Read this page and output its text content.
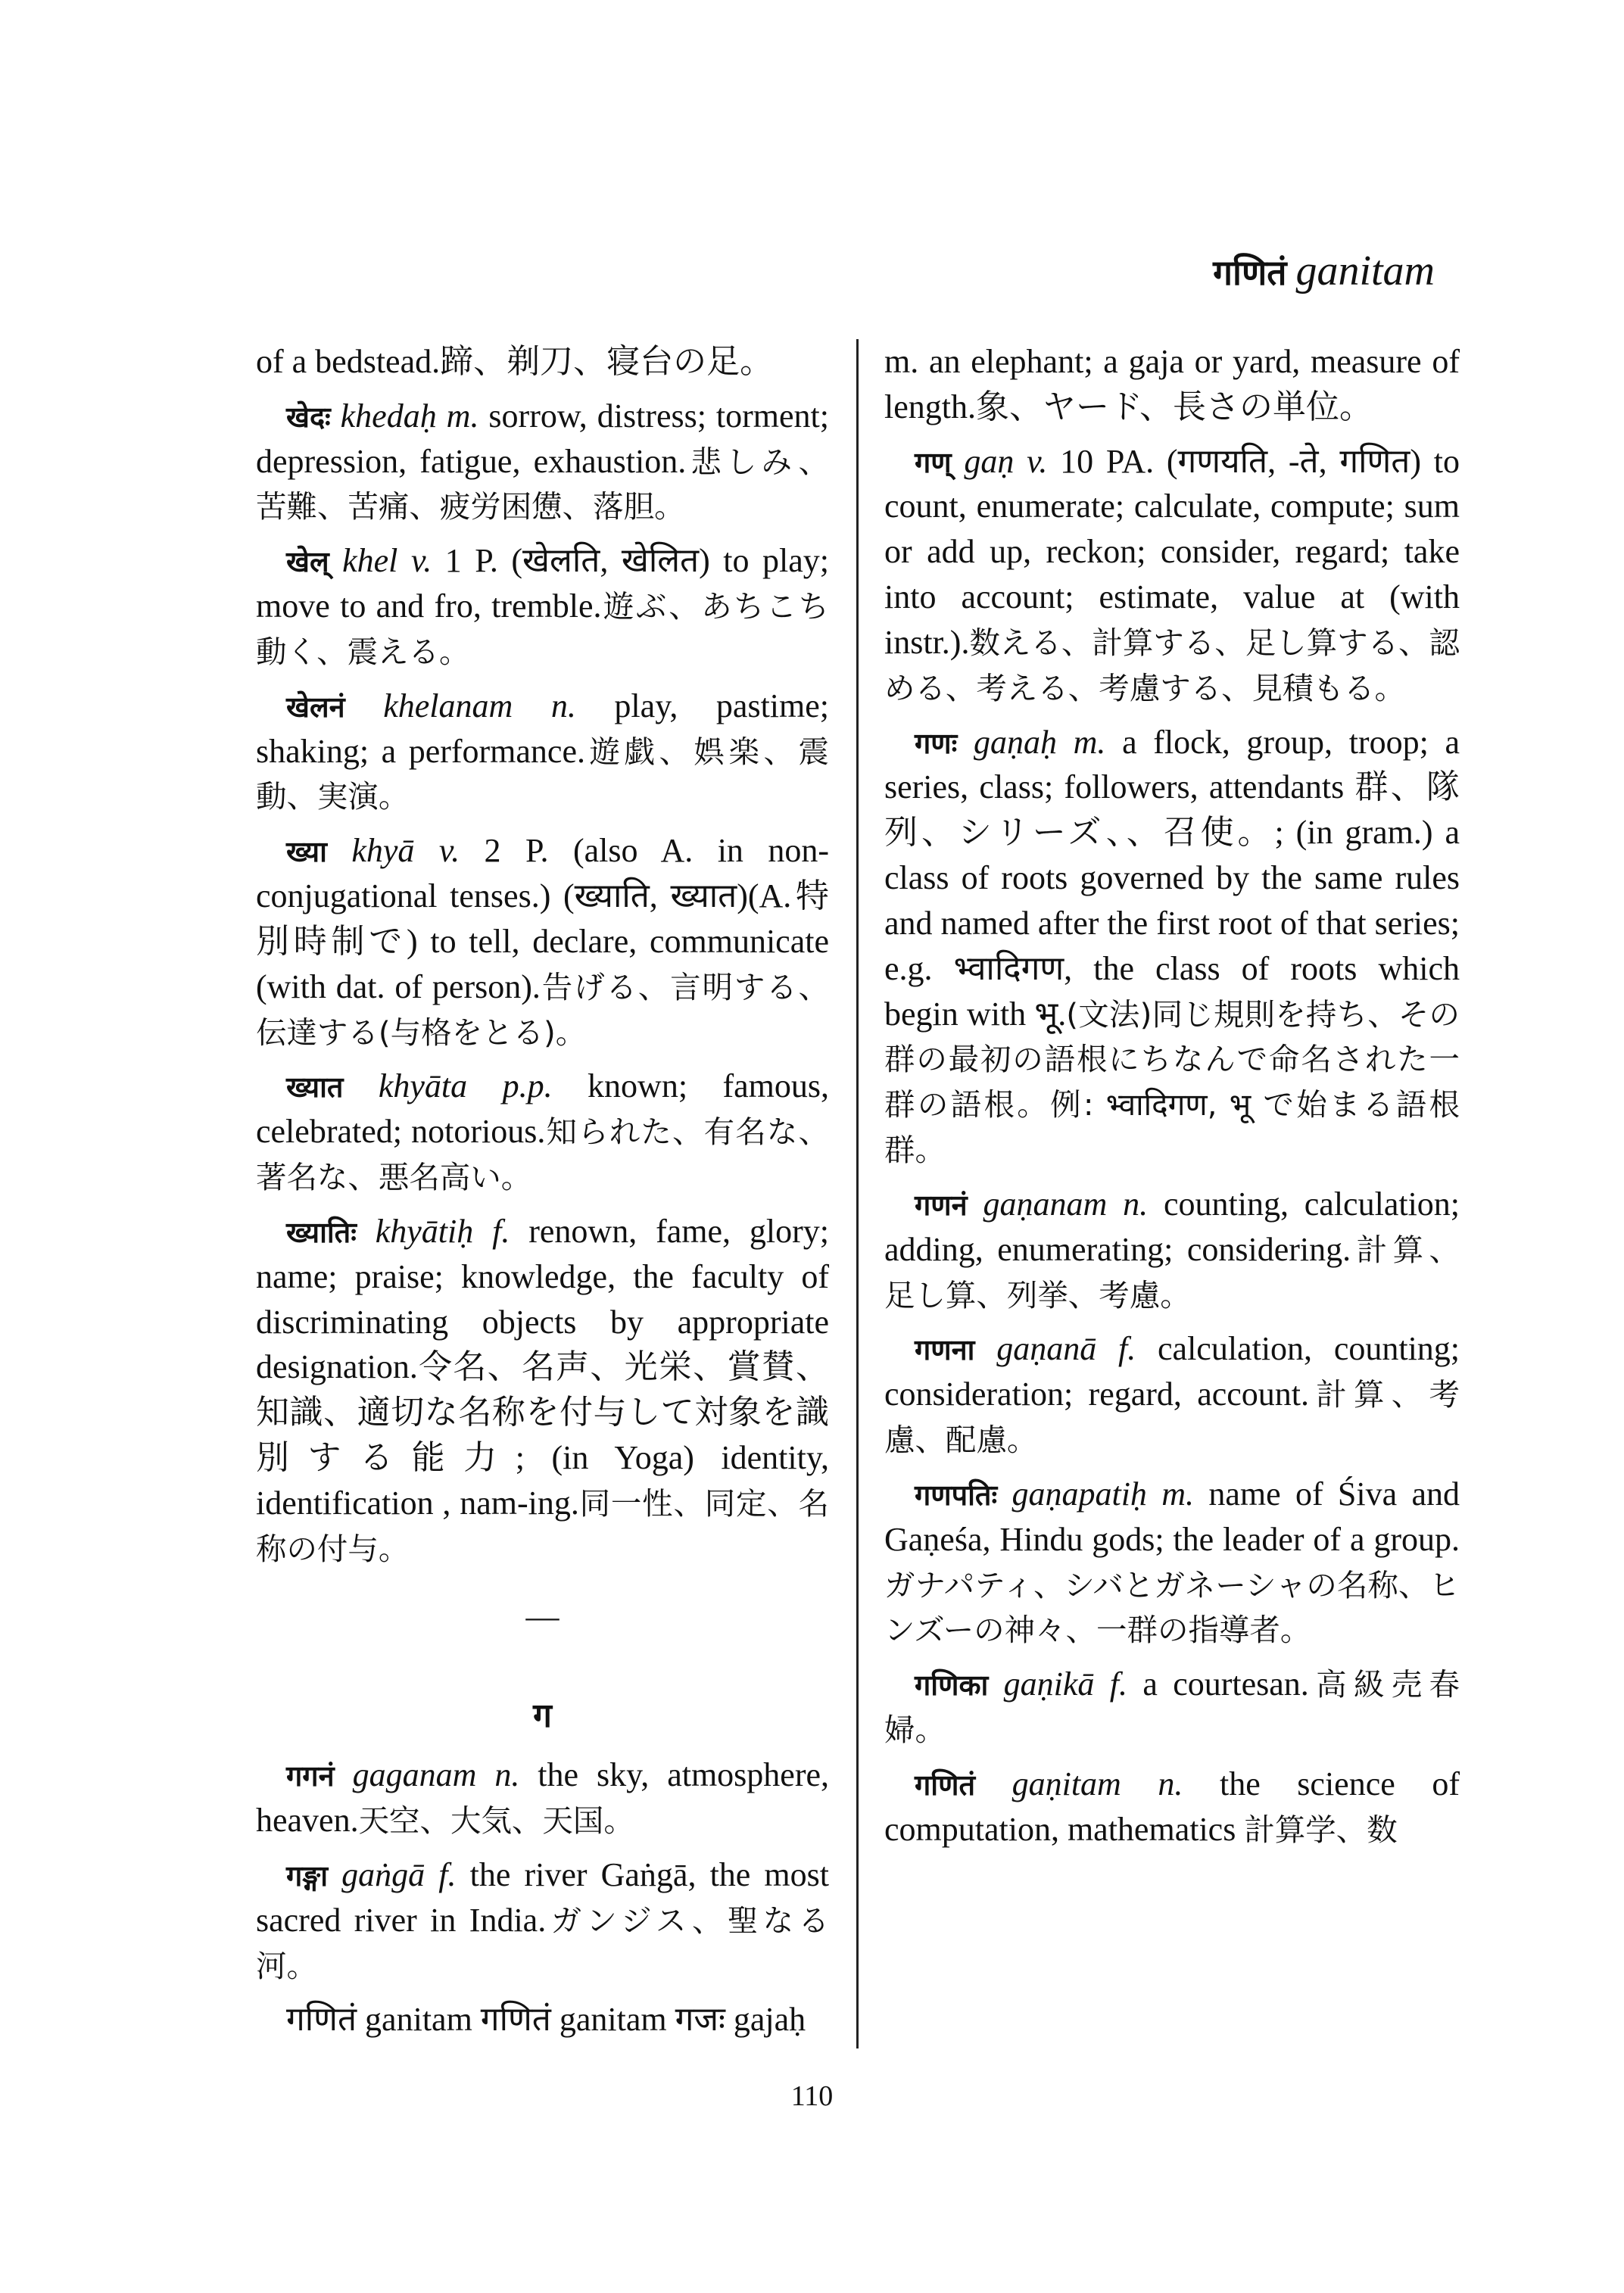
गणितं ganitam
of a bedstead.蹄、剃刀、寝台の足。
खेदः khedaḥ m. sorrow, distress; torment; depression, fatigue, exhaustion.悲しみ、苦難、苦痛、疲労困憊、落胆。
खेल् khel v. 1 P. (खेलति, खेलित) to play; move to and fro, tremble.遊ぶ、あちこち動く、震える。
खेलनं khelanam n. play, pastime; shaking; a performance.遊戯、娯楽、震動、実演。
ख्या khyā v. 2 P. (also A. in non-conjugational tenses.) (ख्याति, ख्यात)(A.特別時制で) to tell, declare, communicate (with dat. of person).告げる、言明する、伝達する(与格をとる)。
ख्यात khyāta p.p. known; famous, celebrated; notorious.知られた、有名な、著名な、悪名高い。
ख्यातिः khyātiḥ f. renown, fame, glory; name; praise; knowledge, the faculty of discriminating objects by appropriate designation.令名、名声、光栄、賞賛、知識、適切な名称を付与して対象を識別する能力; (in Yoga) identity, identification , nam-ing.同一性、同定、名称の付与。
—
ग
गगनं gaganam n. the sky, atmosphere, heaven.天空、大気、天国。
गङ्गा gaṅgā f. the river Gaṅgā, the most sacred river in India.ガンジス、聖なる河。
गणितं ganitam गणितं ganitam गजः gajaḥ
m. an elephant; a gaja or yard, measure of length.象、ヤード、長さの単位。
गण् gaṇ v. 10 PA. (गणयति, -ते, गणित) to count, enumerate; calculate, compute; sum or add up, reckon; consider, regard; take into account; estimate, value at (with instr.).数える、計算する、足し算する、認める、考える、考慮する、見積もる。
गणः gaṇaḥ m. a flock, group, troop; a series, class; followers, attendants 群、隊列、シリーズ、、召使。; (in gram.) a class of roots governed by the same rules and named after the first root of that series; e.g. भ्वादिगण, the class of roots which begin with भू.(文法)同じ規則を持ち、その群の最初の語根にちなんで命名された一群の語根。例: भ्वादिगण, भू で始まる語根群。
गणनं gaṇanam n. counting, calculation; adding, enumerating; considering.計算、足し算、列挙、考慮。
गणना gaṇanā f. calculation, counting; consideration; regard, account.計算、考慮、配慮。
गणपतिः gaṇapatiḥ m. name of Śiva and Gaṇeśa, Hindu gods; the leader of a group.ガナパティ、シバとガネーシャの名称、ヒンズーの神々、一群の指導者。
गणिका gaṇikā f. a courtesan.高級売春婦。
गणितं gaṇitam n. the science of computation, mathematics 計算学、数
110
